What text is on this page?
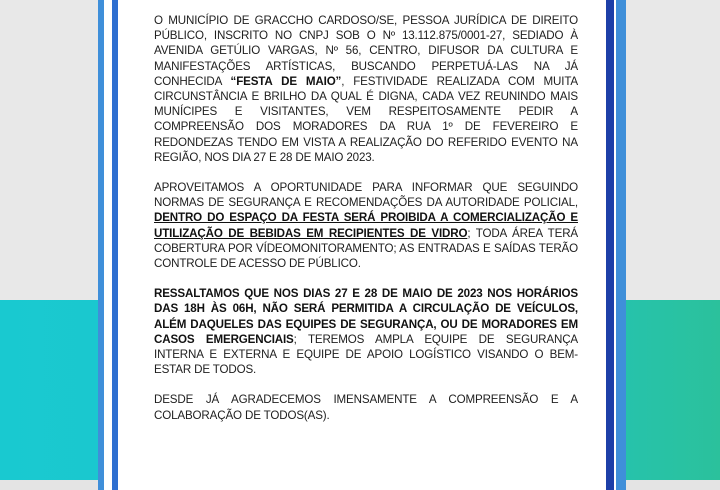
O MUNICÍPIO DE GRACCHO CARDOSO/SE, PESSOA JURÍDICA DE DIREITO PÚBLICO, INSCRITO NO CNPJ SOB O Nº 13.112.875/0001-27, SEDIADO À AVENIDA GETÚLIO VARGAS, Nº 56, CENTRO, DIFUSOR DA CULTURA E MANIFESTAÇÕES ARTÍSTICAS, BUSCANDO PERPETUÁ-LAS NA JÁ CONHECIDA “FESTA DE MAIO”, FESTIVIDADE REALIZADA COM MUITA CIRCUNSTÂNCIA E BRILHO DA QUAL É DIGNA, CADA VEZ REUNINDO MAIS MUNÍCIPES E VISITANTES, VEM RESPEITOSAMENTE PEDIR A COMPREENSÃO DOS MORADORES DA RUA 1º DE FEVEREIRO E REDONDEZAS TENDO EM VISTA A REALIZAÇÃO DO REFERIDO EVENTO NA REGIÃO, NOS DIA 27 E 28 DE MAIO 2023.

APROVEITAMOS A OPORTUNIDADE PARA INFORMAR QUE SEGUINDO NORMAS DE SEGURANÇA E RECOMENDAÇÕES DA AUTORIDADE POLICIAL, DENTRO DO ESPAÇO DA FESTA SERÁ PROIBIDA A COMERCIALIZAÇÃO E UTILIZAÇÃO DE BEBIDAS EM RECIPIENTES DE VIDRO; TODA ÁREA TERÁ COBERTURA POR VÍDEOMONITORAMENTO; AS ENTRADAS E SAÍDAS TERÃO CONTROLE DE ACESSO DE PÚBLICO.

RESSALTAMOS QUE NOS DIAS 27 E 28 DE MAIO DE 2023 NOS HORÁRIOS DAS 18H ÀS 06H, NÃO SERÁ PERMITIDA A CIRCULAÇÃO DE VEÍCULOS, ALÉM DAQUELES DAS EQUIPES DE SEGURANÇA, OU DE MORADORES EM CASOS EMERGENCIAIS; TEREMOS AMPLA EQUIPE DE SEGURANÇA INTERNA E EXTERNA E EQUIPE DE APOIO LOGÍSTICO VISANDO O BEM-ESTAR DE TODOS.

DESDE JÁ AGRADECEMOS IMENSAMENTE A COMPREENSÃO E A COLABORAÇÃO DE TODOS(AS).
